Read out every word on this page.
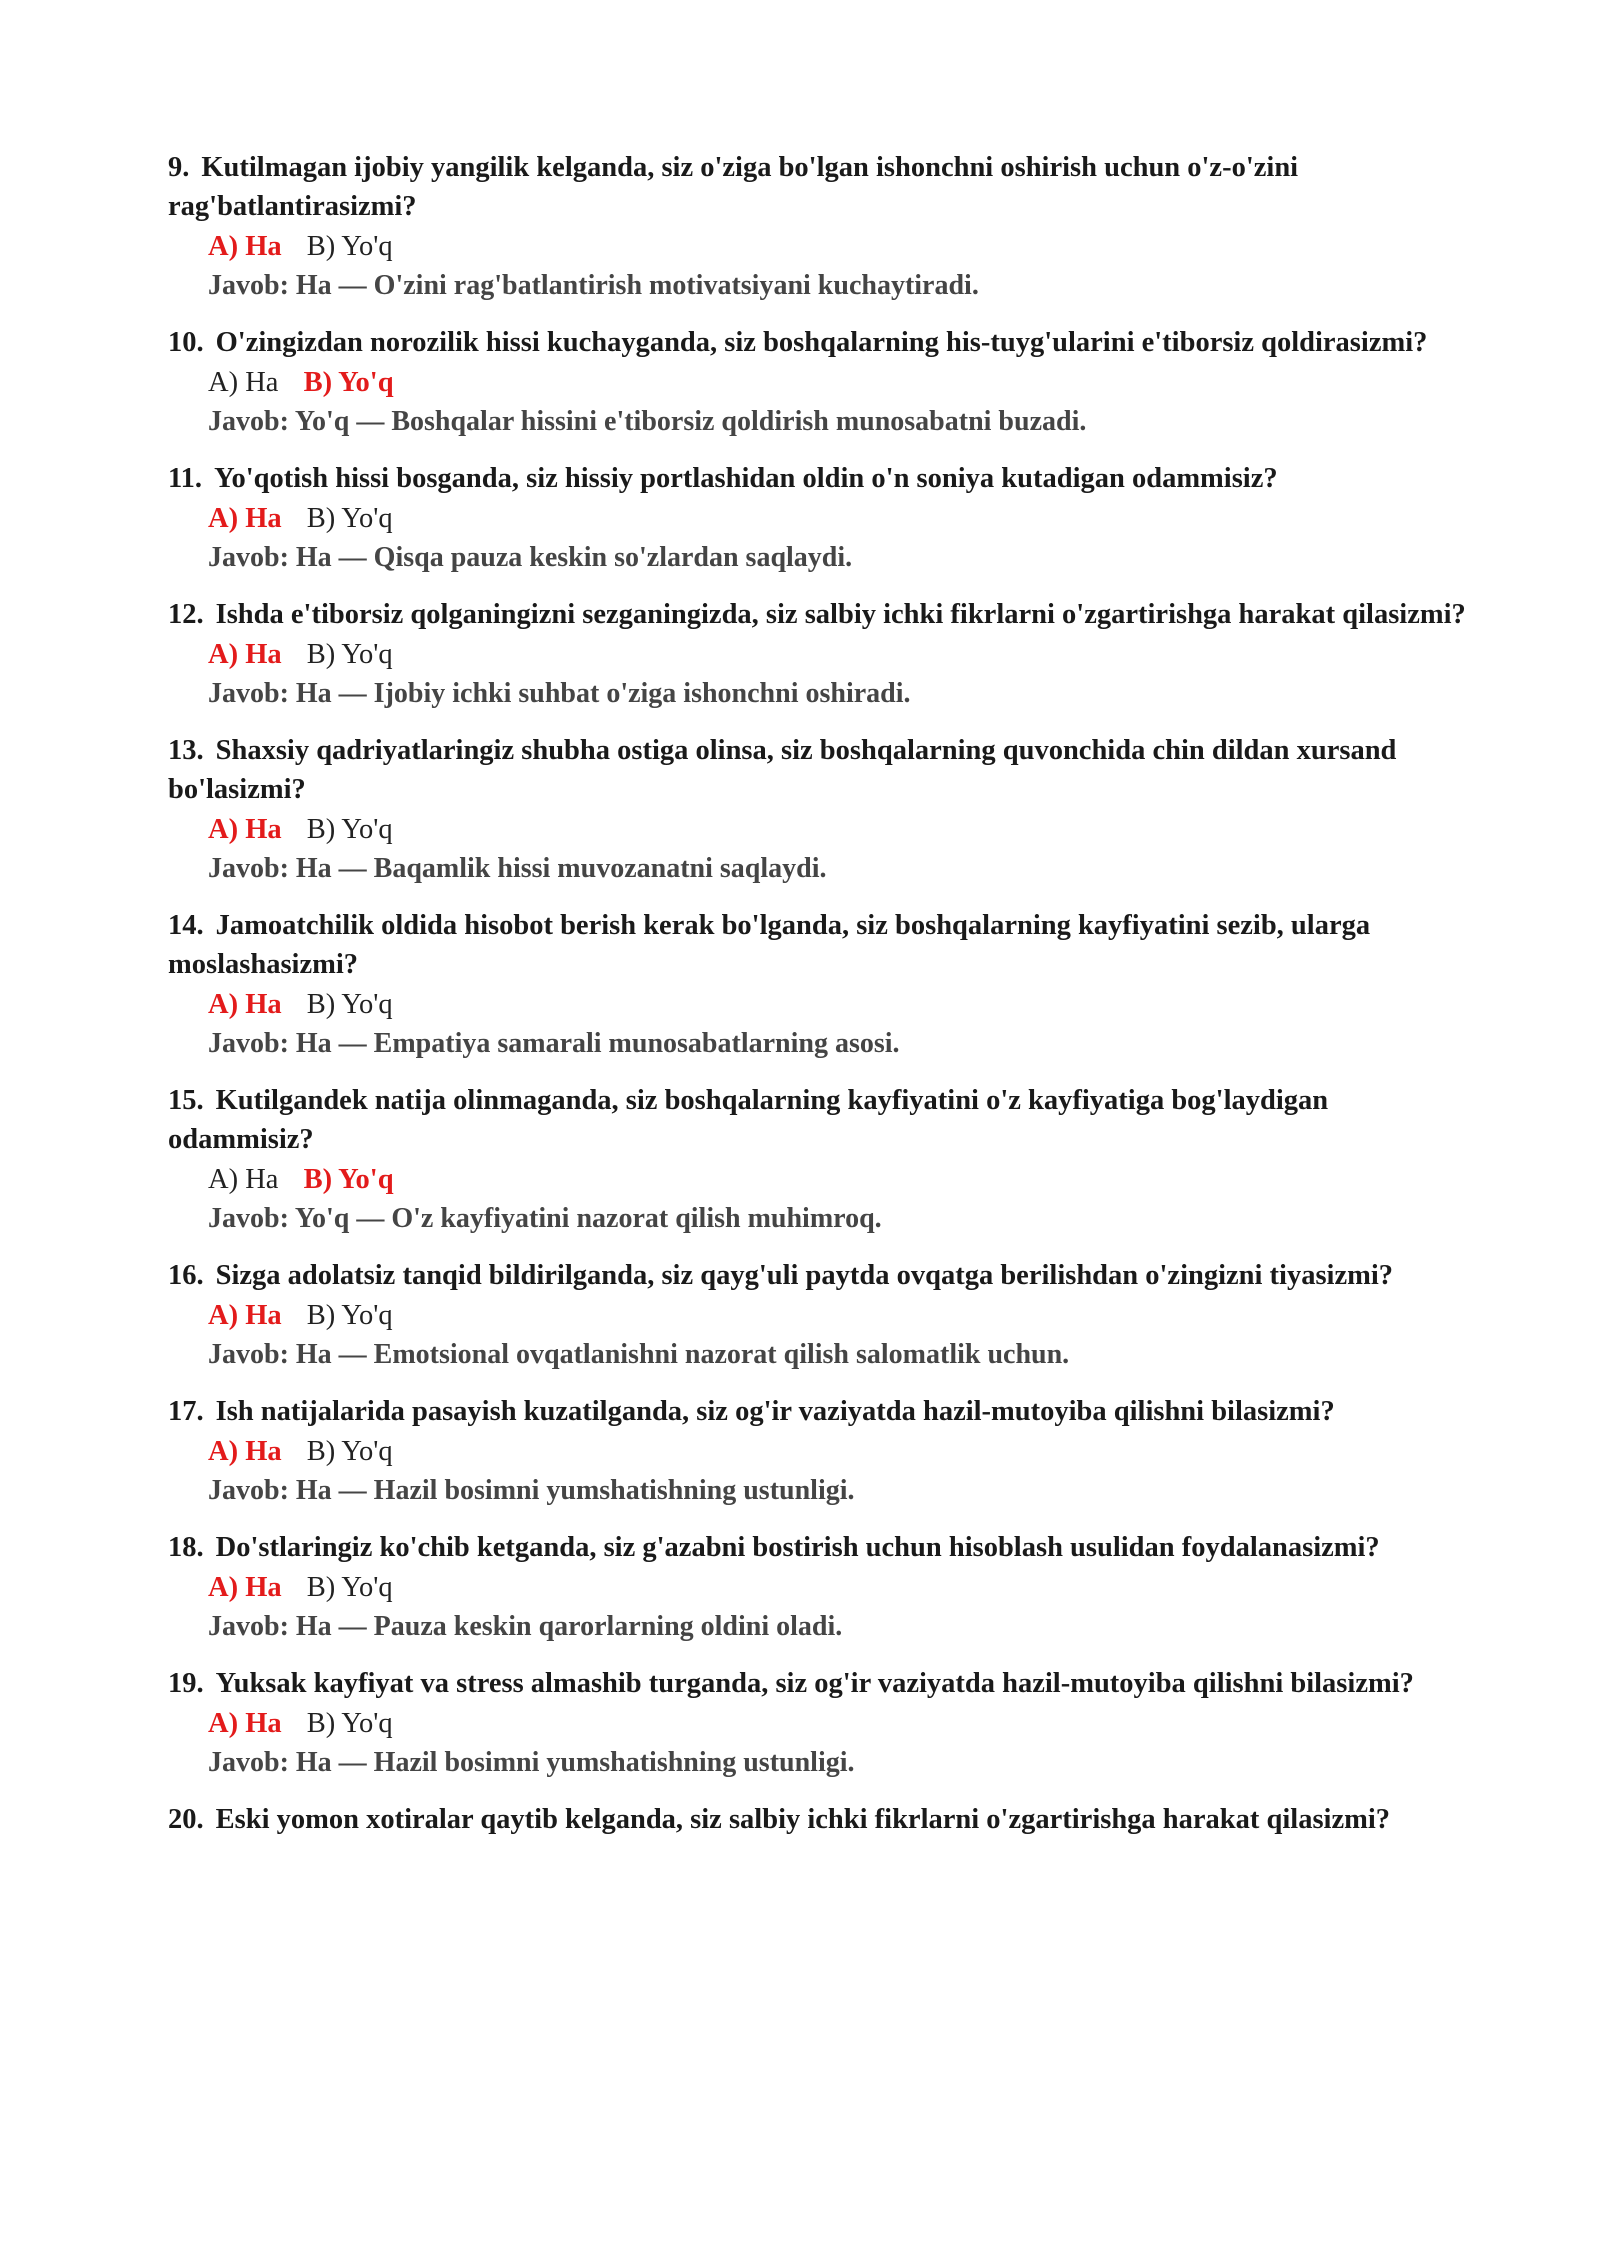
9. Kutilmagan ijobiy yangilik kelganda, siz o'ziga bo'lgan ishonchni oshirish uchun o'z-o'zini rag'batlantirasizmi?

A) Ha B) Yo'q

Javob: Ha — O'zini rag'batlantirish motivatsiyani kuchaytiradi.

10. O'zingizdan norozilik hissi kuchayganda, siz boshqalarning his-tuyg'ularini e'tiborsiz qoldirasizmi?

A) Ha B) Yo'q

Javob: Yo'q — Boshqalar hissini e'tiborsiz qoldirish munosabatni buzadi.

11. Yo'qotish hissi bosganda, siz hissiy portlashidan oldin o'n soniya kutadigan odammisiz?

A) Ha B) Yo'q

Javob: Ha — Qisqa pauza keskin so'zlardan saqlaydi.

12. Ishda e'tiborsiz qolganingizni sezganingizda, siz salbiy ichki fikrlarni o'zgartirishga harakat qilasizmi?

A) Ha B) Yo'q

Javob: Ha — Ijobiy ichki suhbat o'ziga ishonchni oshiradi.

13. Shaxsiy qadriyatlaringiz shubha ostiga olinsa, siz boshqalarning quvonchida chin dildan xursand bo'lasizmi?

A) Ha B) Yo'q

Javob: Ha — Baqamlik hissi muvozanatni saqlaydi.

14. Jamoatchilik oldida hisobot berish kerak bo'lganda, siz boshqalarning kayfiyatini sezib, ularga moslashasizmi?

A) Ha B) Yo'q

Javob: Ha — Empatiya samarali munosabatlarning asosi.

15. Kutilgandek natija olinmaganda, siz boshqalarning kayfiyatini o'z kayfiyatiga bog'laydigan odammisiz?

A) Ha B) Yo'q

Javob: Yo'q — O'z kayfiyatini nazorat qilish muhimroq.

16. Sizga adolatsiz tanqid bildirilganda, siz qayg'uli paytda ovqatga berilishdan o'zingizni tiyasizmi?

A) Ha B) Yo'q

Javob: Ha — Emotsional ovqatlanishni nazorat qilish salomatlik uchun.

17. Ish natijalarida pasayish kuzatilganda, siz og'ir vaziyatda hazil-mutoyiba qilishni bilasizmi?

A) Ha B) Yo'q

Javob: Ha — Hazil bosimni yumshatishning ustunligi.

18. Do'stlaringiz ko'chib ketganda, siz g'azabni bostirish uchun hisoblash usulidan foydalanasizmi?

A) Ha B) Yo'q

Javob: Ha — Pauza keskin qarorlarning oldini oladi.

19. Yuksak kayfiyat va stress almashib turganda, siz og'ir vaziyatda hazil-mutoyiba qilishni bilasizmi?

A) Ha B) Yo'q

Javob: Ha — Hazil bosimni yumshatishning ustunligi.

20. Eski yomon xotiralar qaytib kelganda, siz salbiy ichki fikrlarni o'zgartirishga harakat qilasizmi?
